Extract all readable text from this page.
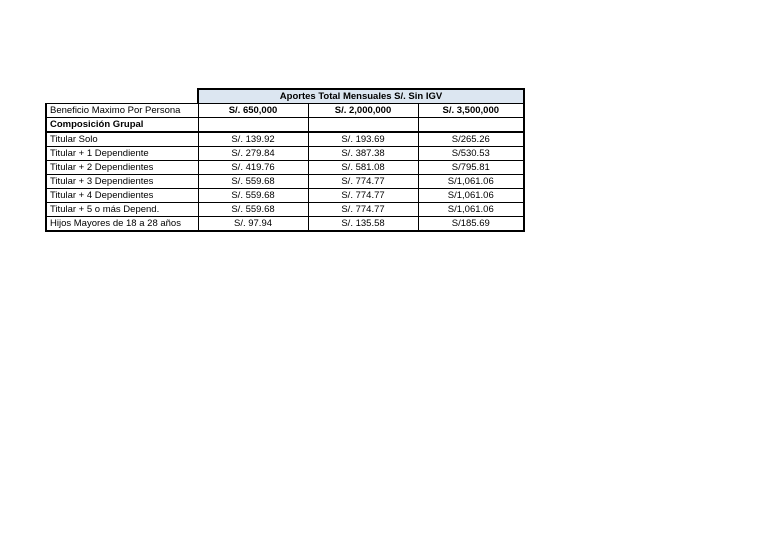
	Aportes Total Mensuales S/. Sin IGV		
Beneficio Maximo Por Persona	S/. 650,000	S/. 2,000,000	S/. 3,500,000
Composición Grupal			
Titular Solo	S/. 139.92	S/. 193.69	S/265.26
Titular + 1 Dependiente	S/. 279.84	S/. 387.38	S/530.53
Titular + 2 Dependientes	S/. 419.76	S/. 581.08	S/795.81
Titular + 3 Dependientes	S/. 559.68	S/. 774.77	S/1,061.06
Titular + 4 Dependientes	S/. 559.68	S/. 774.77	S/1,061.06
Titular + 5 o más Depend.	S/. 559.68	S/. 774.77	S/1,061.06
Hijos Mayores de 18 a 28 años	S/. 97.94	S/. 135.58	S/185.69
